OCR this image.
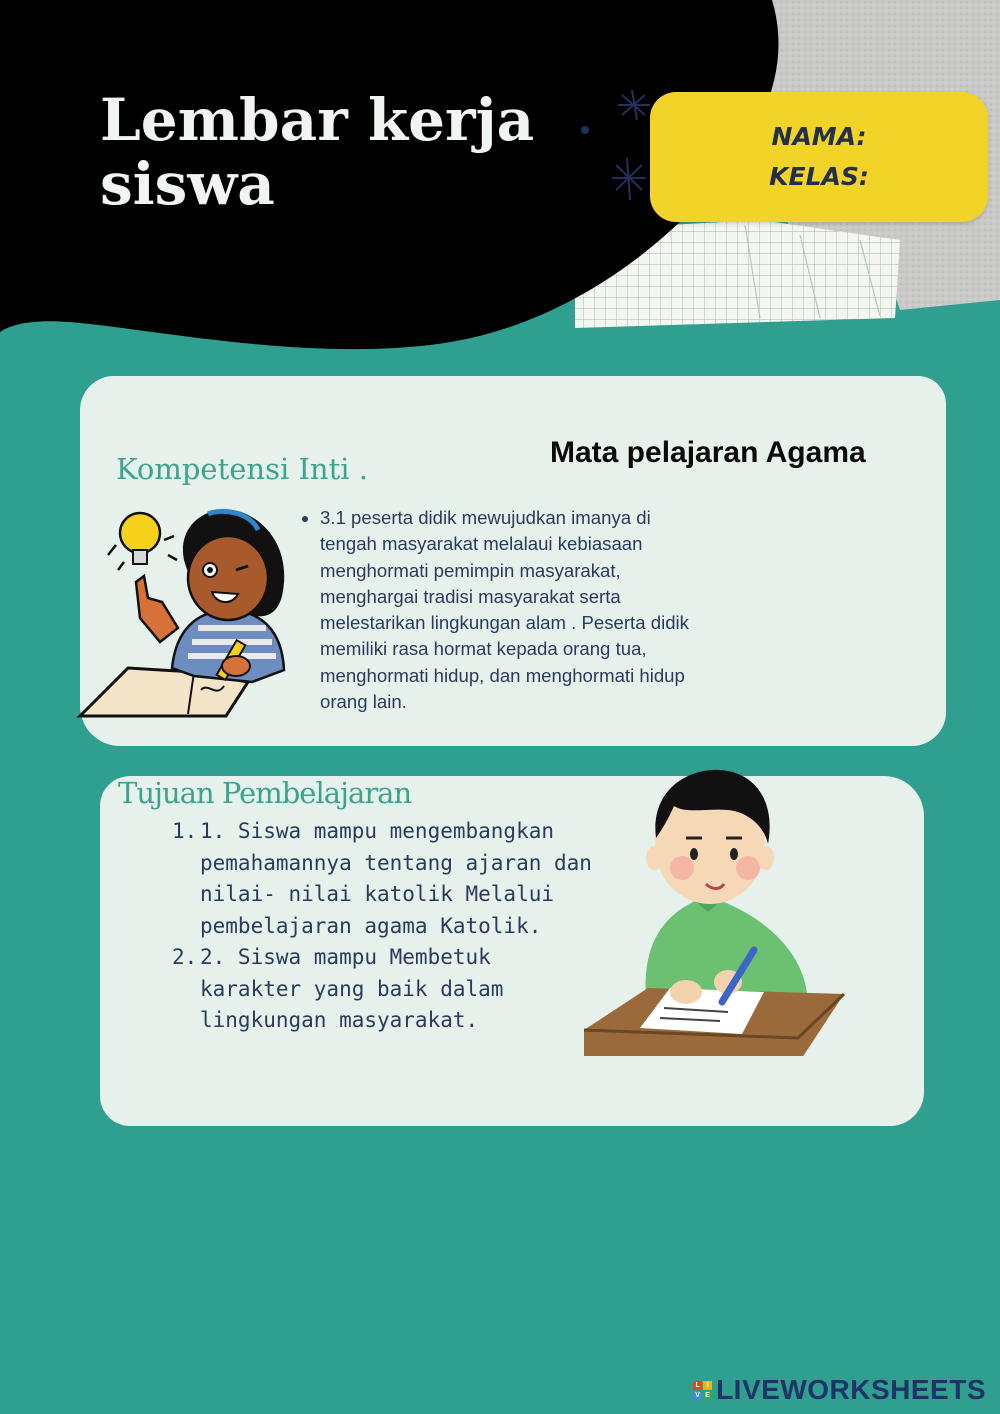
Lembar kerja
siswa
NAMA:
KELAS:
Mata pelajaran Agama
Kompetensi Inti .
• 3.1 peserta didik mewujudkan imanya di tengah masyarakat melalaui kebiasaan menghormati pemimpin masyarakat, menghargai tradisi masyarakat serta melestarikan lingkungan alam . Peserta didik memiliki rasa hormat kepada orang tua, menghormati hidup, dan menghormati hidup orang lain.
Tujuan Pembelajaran
1. 1. Siswa mampu mengembangkan pemahamannya tentang ajaran dan nilai- nilai katolik Melalui pembelajaran agama Katolik.
2. 2. Siswa mampu Membetuk karakter yang baik dalam lingkungan masyarakat.
L I
V E LIVEWORKSHEETS
